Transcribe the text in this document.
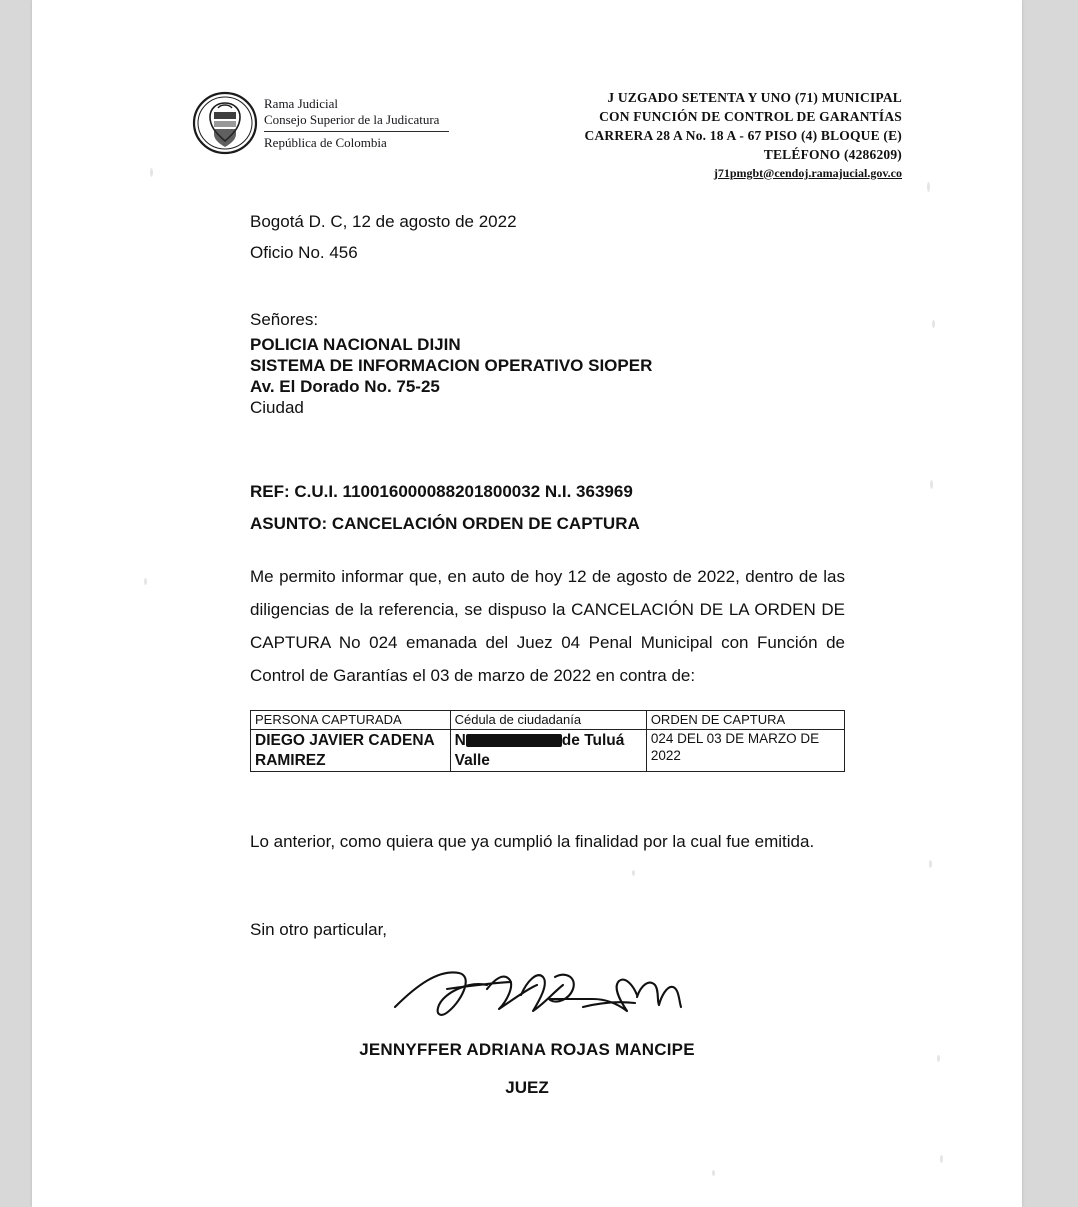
Rama Judicial
Consejo Superior de la Judicatura
República de Colombia
J UZGADO SETENTA Y UNO (71) MUNICIPAL
CON FUNCIÓN DE CONTROL DE GARANTÍAS
CARRERA 28 A No. 18 A - 67 PISO (4) BLOQUE (E)
TELÉFONO (4286209)
j71pmgbt@cendoj.ramajucial.gov.co
Bogotá D. C, 12 de agosto de 2022
Oficio No. 456
Señores:
POLICIA NACIONAL DIJIN
SISTEMA DE INFORMACION OPERATIVO SIOPER
Av. El Dorado No. 75-25
Ciudad
REF: C.U.I. 110016000088201800032 N.I. 363969
ASUNTO: CANCELACIÓN ORDEN DE CAPTURA
Me permito informar que, en auto de hoy 12 de agosto de 2022, dentro de las diligencias de la referencia, se dispuso la CANCELACIÓN DE LA ORDEN DE CAPTURA No 024 emanada del Juez 04 Penal Municipal con Función de Control de Garantías el 03 de marzo de 2022 en contra de:
PERSONA CAPTURADA	Cédula de ciudadanía	ORDEN DE CAPTURA
DIEGO JAVIER CADENA RAMIREZ	N de Tuluá Valle	024 DEL 03 DE MARZO DE 2022
Lo anterior, como quiera que ya cumplió la finalidad por la cual fue emitida.
Sin otro particular,
JENNYFFER ADRIANA ROJAS MANCIPE
JUEZ
